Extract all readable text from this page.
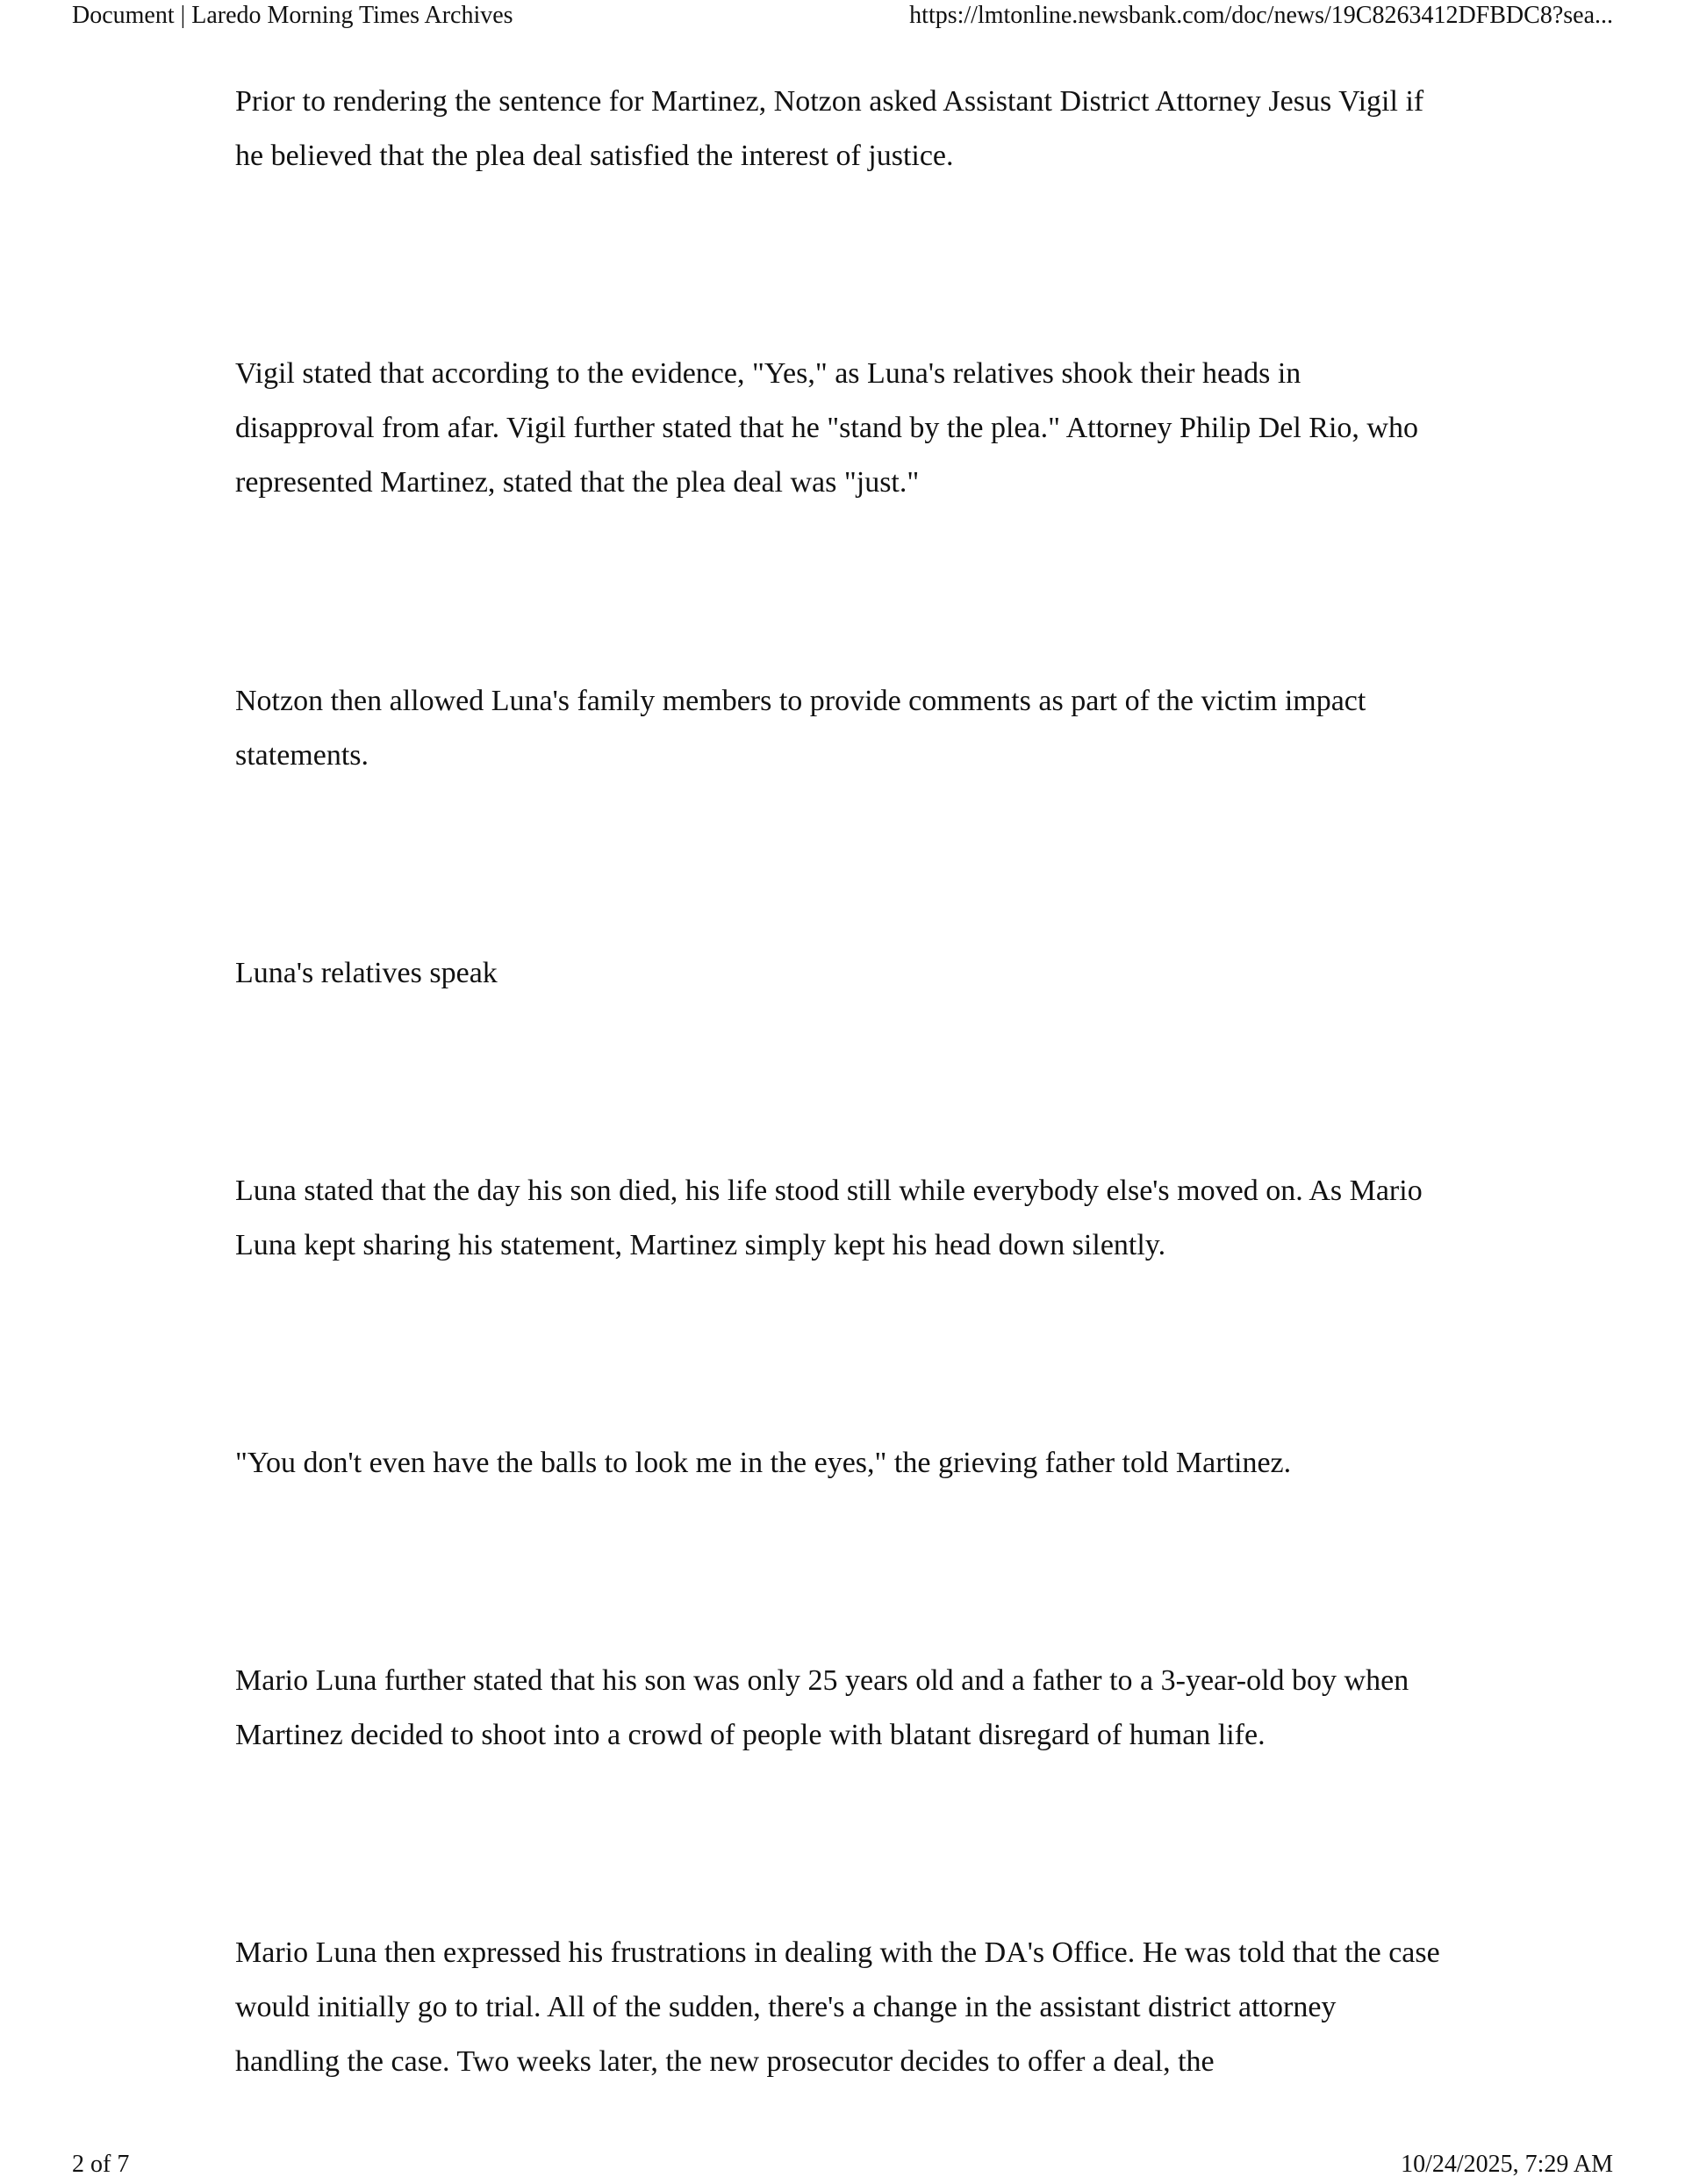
Document | Laredo Morning Times Archives	https://lmtonline.newsbank.com/doc/news/19C8263412DFBDC8?sea...

Prior to rendering the sentence for Martinez, Notzon asked Assistant District Attorney Jesus Vigil if he believed that the plea deal satisfied the interest of justice.

Vigil stated that according to the evidence, "Yes," as Luna's relatives shook their heads in disapproval from afar. Vigil further stated that he "stand by the plea." Attorney Philip Del Rio, who represented Martinez, stated that the plea deal was "just."

Notzon then allowed Luna's family members to provide comments as part of the victim impact statements.

Luna's relatives speak

Luna stated that the day his son died, his life stood still while everybody else's moved on. As Mario Luna kept sharing his statement, Martinez simply kept his head down silently.

"You don't even have the balls to look me in the eyes," the grieving father told Martinez.

Mario Luna further stated that his son was only 25 years old and a father to a 3-year-old boy when Martinez decided to shoot into a crowd of people with blatant disregard of human life.

Mario Luna then expressed his frustrations in dealing with the DA's Office. He was told that the case would initially go to trial. All of the sudden, there's a change in the assistant district attorney handling the case. Two weeks later, the new prosecutor decides to offer a deal, the

2 of 7	10/24/2025, 7:29 AM
